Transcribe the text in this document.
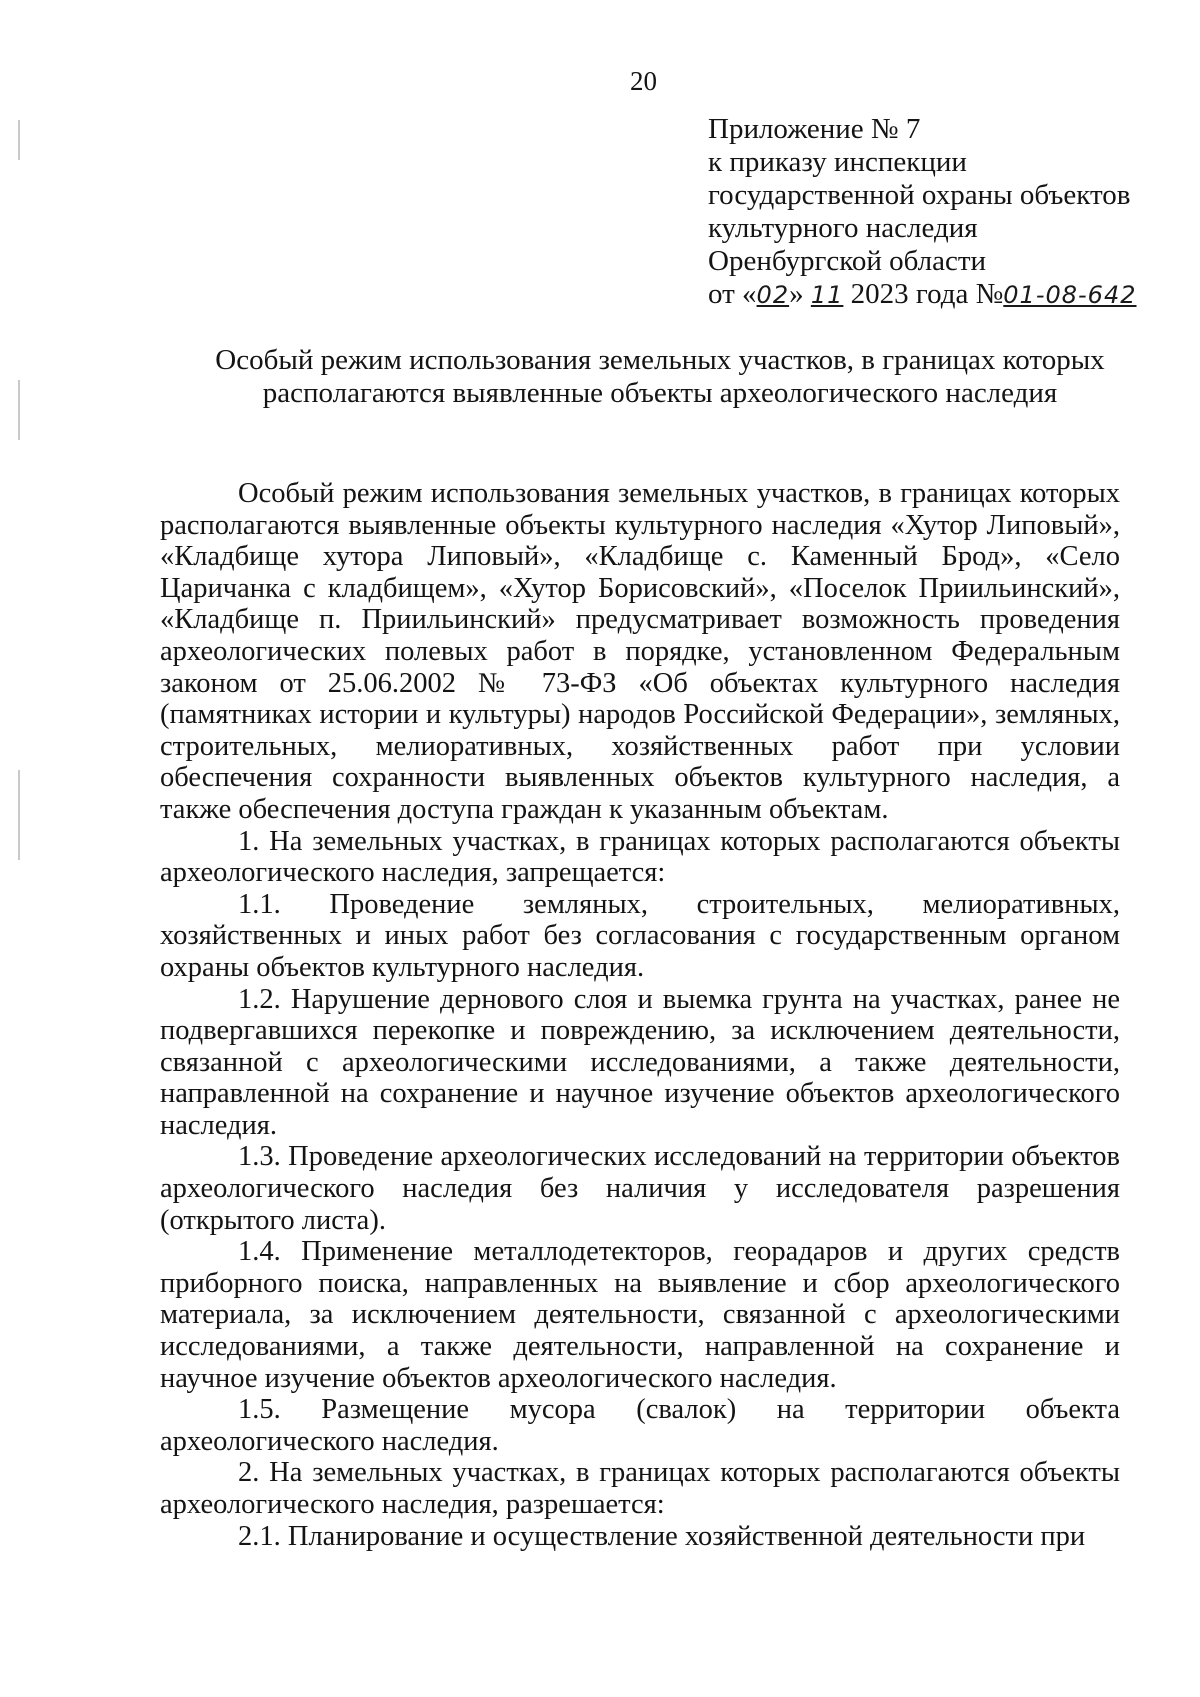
20
Приложение № 7
к приказу инспекции
государственной охраны объектов
культурного наследия
Оренбургской области
от «02» 11 2023 года №01-08-642
Особый режим использования земельных участков, в границах которых располагаются выявленные объекты археологического наследия

Особый режим использования земельных участков, в границах которых располагаются выявленные объекты культурного наследия «Хутор Липовый», «Кладбище хутора Липовый», «Кладбище с. Каменный Брод», «Село Царичанка с кладбищем», «Хутор Борисовский», «Поселок Приильинский», «Кладбище п. Приильинский» предусматривает возможность проведения археологических полевых работ в порядке, установленном Федеральным законом от 25.06.2002 № 73-ФЗ «Об объектах культурного наследия (памятниках истории и культуры) народов Российской Федерации», земляных, строительных, мелиоративных, хозяйственных работ при условии обеспечения сохранности выявленных объектов культурного наследия, а также обеспечения доступа граждан к указанным объектам.

1. На земельных участках, в границах которых располагаются объекты археологического наследия, запрещается:

1.1. Проведение земляных, строительных, мелиоративных, хозяйственных и иных работ без согласования с государственным органом охраны объектов культурного наследия.

1.2. Нарушение дернового слоя и выемка грунта на участках, ранее не подвергавшихся перекопке и повреждению, за исключением деятельности, связанной с археологическими исследованиями, а также деятельности, направленной на сохранение и научное изучение объектов археологического наследия.

1.3. Проведение археологических исследований на территории объектов археологического наследия без наличия у исследователя разрешения (открытого листа).

1.4. Применение металлодетекторов, георадаров и других средств приборного поиска, направленных на выявление и сбор археологического материала, за исключением деятельности, связанной с археологическими исследованиями, а также деятельности, направленной на сохранение и научное изучение объектов археологического наследия.

1.5. Размещение мусора (свалок) на территории объекта археологического наследия.

2. На земельных участках, в границах которых располагаются объекты археологического наследия, разрешается:

2.1. Планирование и осуществление хозяйственной деятельности при
